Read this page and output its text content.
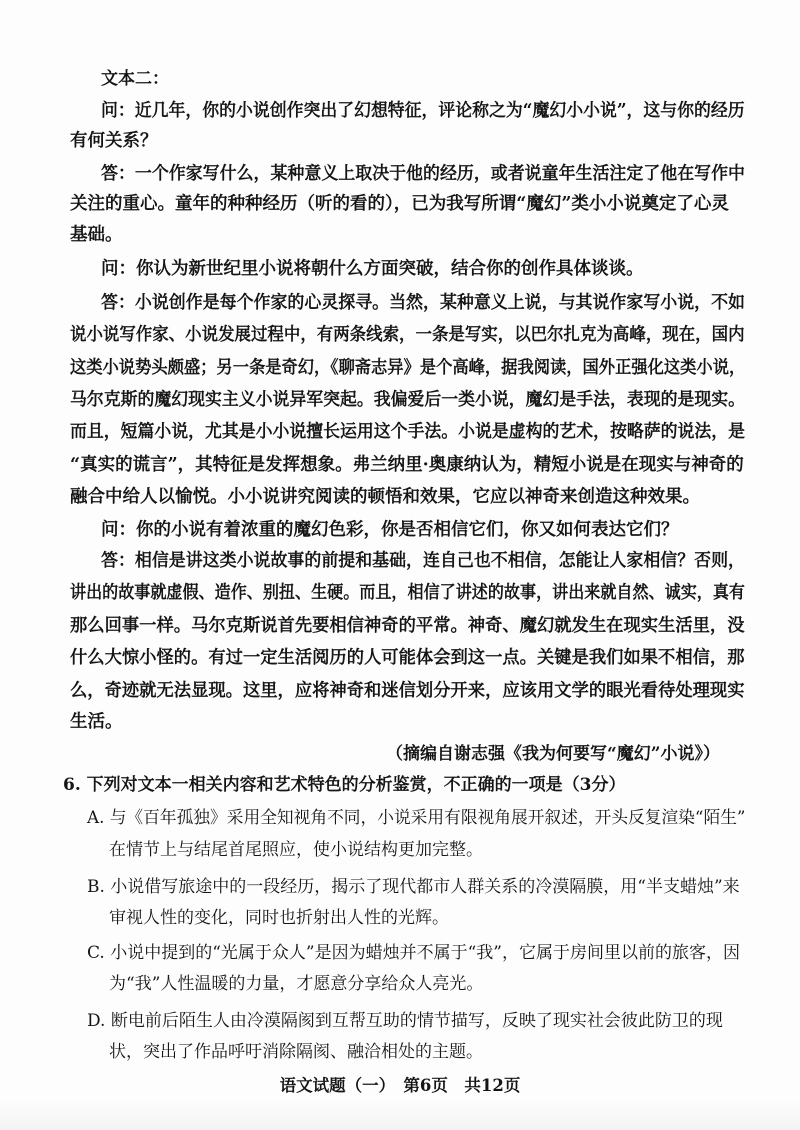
文本二：
问：近几年，你的小说创作突出了幻想特征，评论称之为“魔幻小小说”，这与你的经历
有何关系？
答：一个作家写什么，某种意义上取决于他的经历，或者说童年生活注定了他在写作中
关注的重心。童年的种种经历（听的看的），已为我写所谓“魔幻”类小小说奠定了心灵
基础。
问：你认为新世纪里小说将朝什么方面突破，结合你的创作具体谈谈。
答：小说创作是每个作家的心灵探寻。当然，某种意义上说，与其说作家写小说，不如
说小说写作家、小说发展过程中，有两条线索，一条是写实，以巴尔扎克为高峰，现在，国内
这类小说势头颇盛；另一条是奇幻，《聊斋志异》是个高峰，据我阅读，国外正强化这类小说，
马尔克斯的魔幻现实主义小说异军突起。我偏爱后一类小说，魔幻是手法，表现的是现实。
而且，短篇小说，尤其是小小说擅长运用这个手法。小说是虚构的艺术，按略萨的说法，是
“真实的谎言”，其特征是发挥想象。弗兰纳里·奥康纳认为，精短小说是在现实与神奇的
融合中给人以愉悦。小小说讲究阅读的顿悟和效果，它应以神奇来创造这种效果。
问：你的小说有着浓重的魔幻色彩，你是否相信它们，你又如何表达它们？
答：相信是讲这类小说故事的前提和基础，连自己也不相信，怎能让人家相信？否则，
讲出的故事就虚假、造作、别扭、生硬。而且，相信了讲述的故事，讲出来就自然、诚实，真有
那么回事一样。马尔克斯说首先要相信神奇的平常。神奇、魔幻就发生在现实生活里，没
什么大惊小怪的。有过一定生活阅历的人可能体会到这一点。关键是我们如果不相信，那
么，奇迹就无法显现。这里，应将神奇和迷信划分开来，应该用文学的眼光看待处理现实
生活。
（摘编自谢志强《我为何要写“魔幻”小说》）
6. 下列对文本一相关内容和艺术特色的分析鉴赏，不正确的一项是（3分）
A. 与《百年孤独》采用全知视角不同，小说采用有限视角展开叙述，开头反复渲染“陌生”
在情节上与结尾首尾照应，使小说结构更加完整。
B. 小说借写旅途中的一段经历，揭示了现代都市人群关系的冷漠隔膜，用“半支蜡烛”来
审视人性的变化，同时也折射出人性的光辉。
C. 小说中提到的“光属于众人”是因为蜡烛并不属于“我”，它属于房间里以前的旅客，因
为“我”人性温暖的力量，才愿意分享给众人亮光。
D. 断电前后陌生人由冷漠隔阂到互帮互助的情节描写，反映了现实社会彼此防卫的现
状，突出了作品呼吁消除隔阂、融洽相处的主题。
语文试题（一）　第6页　共12页
